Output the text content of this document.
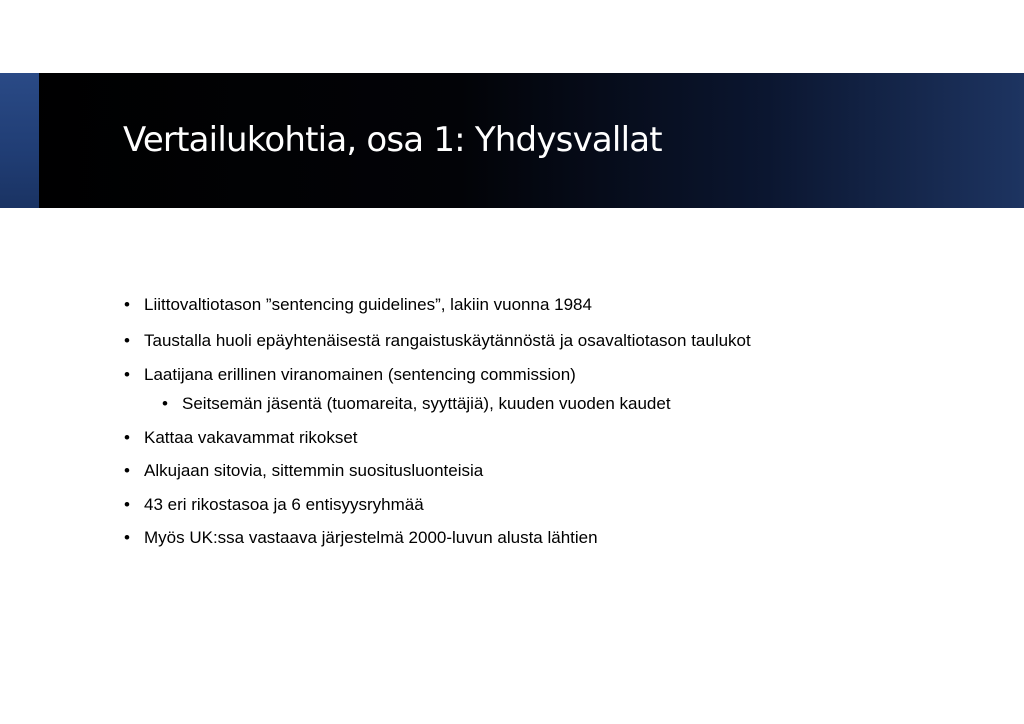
Vertailukohtia, osa 1: Yhdysvallat
• Liittovaltiotason ”sentencing guidelines”, lakiin vuonna 1984
• Taustalla huoli epäyhtenäisestä rangaistuskäytännöstä ja osavaltiotason taulukot
• Laatijana erillinen viranomainen (sentencing commission)
• Seitsemän jäsentä (tuomareita, syyttäjiä), kuuden vuoden kaudet
• Kattaa vakavammat rikokset
• Alkujaan sitovia, sittemmin suositusluonteisia
• 43 eri rikostasoa ja 6 entisyysryhmää
• Myös UK:ssa vastaava järjestelmä 2000-luvun alusta lähtien
